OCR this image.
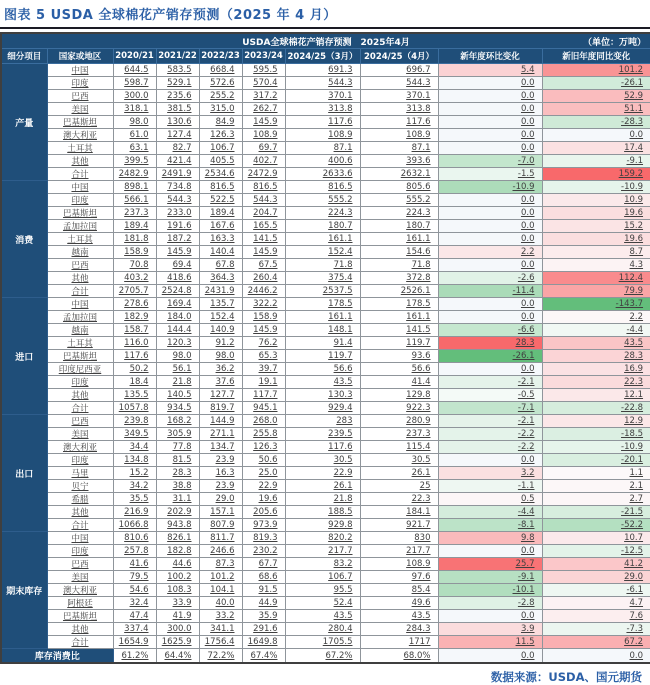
图表 5 USDA 全球棉花产销存预测（2025 年 4 月）
USDA全球棉花产销存预测　 2025年4月 （单位：万吨）									

细分项目	国家或地区	2020/21	2021/22	2022/23	2023/24	2024/25（3月）	2024/25（4月）	新年度环比变化	新旧年度同比变化
产量	中国	644.5	583.5	668.4	595.5	691.3	696.7	5.4	101.2
	印度	598.7	529.1	572.6	570.4	544.3	544.3	0.0	-26.1
	巴西	300.0	235.6	255.2	317.2	370.1	370.1	0.0	52.9
	美国	318.1	381.5	315.0	262.7	313.8	313.8	0.0	51.1
	巴基斯坦	98.0	130.6	84.9	145.9	117.6	117.6	0.0	-28.3
	澳大利亚	61.0	127.4	126.3	108.9	108.9	108.9	0.0	0.0
	土耳其	63.1	82.7	106.7	69.7	87.1	87.1	0.0	17.4
	其他	399.5	421.4	405.5	402.7	400.6	393.6	-7.0	-9.1
	合计	2482.9	2491.9	2534.6	2472.9	2633.6	2632.1	-1.5	159.2
消费	中国	898.1	734.8	816.5	816.5	816.5	805.6	-10.9	-10.9
	印度	566.1	544.3	522.5	544.3	555.2	555.2	0.0	10.9
	巴基斯坦	237.3	233.0	189.4	204.7	224.3	224.3	0.0	19.6
	孟加拉国	189.4	191.6	167.6	165.5	180.7	180.7	0.0	15.2
	土耳其	181.8	187.2	163.3	141.5	161.1	161.1	0.0	19.6
	越南	158.9	145.9	140.4	145.9	152.4	154.6	2.2	8.7
	巴西	70.8	69.4	67.8	67.5	71.8	71.8	0.0	4.3
	其他	403.2	418.6	364.3	260.4	375.4	372.8	-2.6	112.4
	合计	2705.7	2524.8	2431.9	2446.2	2537.5	2526.1	-11.4	79.9
进口	中国	278.6	169.4	135.7	322.2	178.5	178.5	0.0	-143.7
	孟加拉国	182.9	184.0	152.4	158.9	161.1	161.1	0.0	2.2
	越南	158.7	144.4	140.9	145.9	148.1	141.5	-6.6	-4.4
	土耳其	116.0	120.3	91.2	76.2	91.4	119.7	28.3	43.5
	巴基斯坦	117.6	98.0	98.0	65.3	119.7	93.6	-26.1	28.3
	印度尼西亚	50.2	56.1	36.2	39.7	56.6	56.6	0.0	16.9
	印度	18.4	21.8	37.6	19.1	43.5	41.4	-2.1	22.3
	其他	135.5	140.5	127.7	117.7	130.3	129.8	-0.5	12.1
	合计	1057.8	934.5	819.7	945.1	929.4	922.3	-7.1	-22.8
出口	巴西	239.8	168.2	144.9	268.0	283	280.9	-2.1	12.9
	美国	349.5	305.9	271.1	255.8	239.5	237.3	-2.2	-18.5
	澳大利亚	34.4	77.8	134.7	126.3	117.6	115.4	-2.2	-10.9
	印度	134.8	81.5	23.9	50.6	30.5	30.5	0.0	-20.1
	马里	15.2	28.3	16.3	25.0	22.9	26.1	3.2	1.1
	贝宁	34.2	38.8	23.9	22.9	26.1	25	-1.1	2.1
	希腊	35.5	31.1	29.0	19.6	21.8	22.3	0.5	2.7
	其他	216.9	202.9	157.1	205.6	188.5	184.1	-4.4	-21.5
	合计	1066.8	943.8	807.9	973.9	929.8	921.7	-8.1	-52.2
期末库存	中国	810.6	826.1	811.7	819.3	820.2	830	9.8	10.7
	印度	257.8	182.8	246.6	230.2	217.7	217.7	0.0	-12.5
	巴西	41.6	44.6	87.3	67.7	83.2	108.9	25.7	41.2
	美国	79.5	100.2	101.2	68.6	106.7	97.6	-9.1	29.0
	澳大利亚	54.6	108.3	104.1	91.5	95.5	85.4	-10.1	-6.1
	阿根廷	32.4	33.9	40.0	44.9	52.4	49.6	-2.8	4.7
	巴基斯坦	47.4	41.9	33.2	35.9	43.5	43.5	0.0	7.6
	其他	337.4	300.0	341.1	291.6	280.4	284.3	3.9	-7.3
	合计	1654.9	1625.9	1756.4	1649.8	1705.5	1717	11.5	67.2
库存消费比		61.2%	64.4%	72.2%	67.4%	67.2%	68.0%	0.0	0.0
数据来源：USDA、国元期货
